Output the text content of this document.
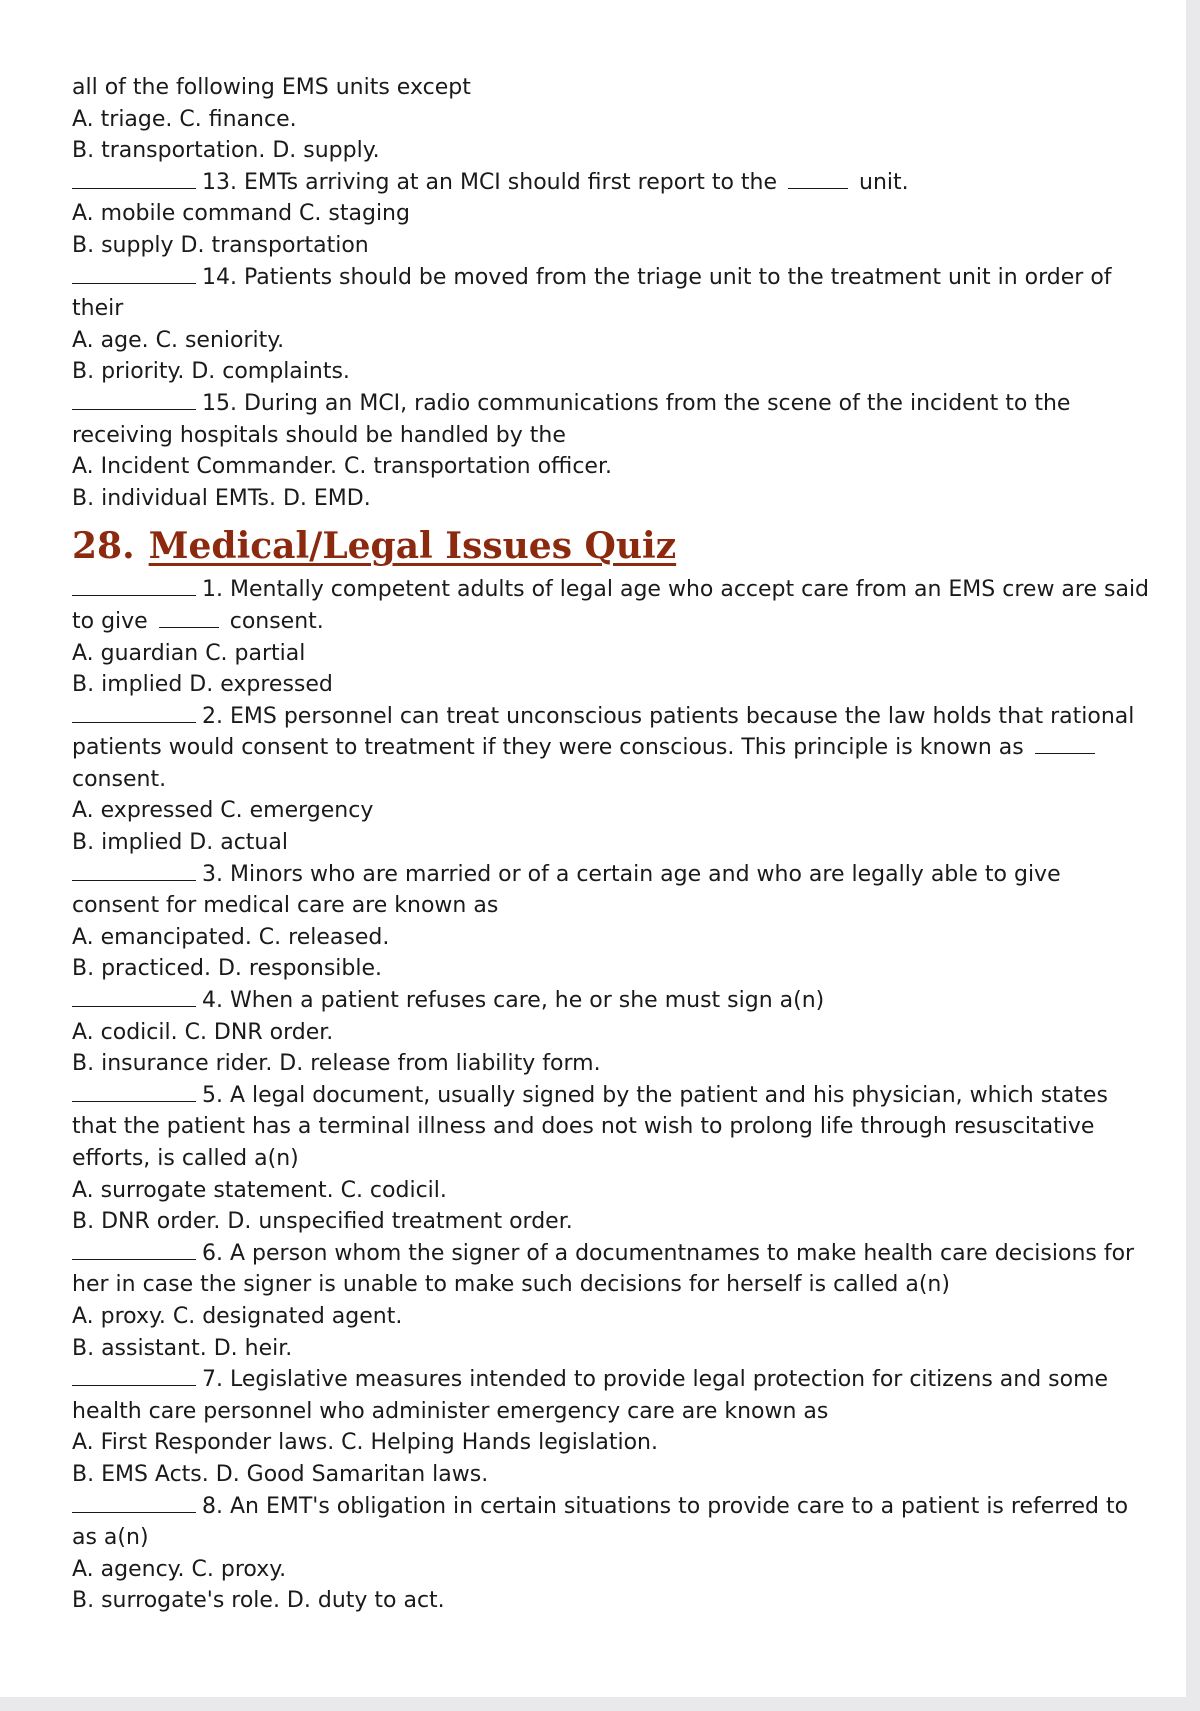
all of the following EMS units except
A. triage. C. finance.
B. transportation. D. supply.
13. EMTs arriving at an MCI should first report to the	unit.
A. mobile command C. staging
B. supply D. transportation
14. Patients should be moved from the triage unit to the treatment unit in order of their
A. age. C. seniority.
B. priority. D. complaints.
15. During an MCI, radio communications from the scene of the incident to the receiving hospitals should be handled by the
A. Incident Commander. C. transportation officer.
B. individual EMTs. D. EMD.
28. Medical/Legal Issues Quiz
1. Mentally competent adults of legal age who accept care from an EMS crew are said to give	consent.
A. guardian C. partial
B. implied D. expressed
2. EMS personnel can treat unconscious patients because the law holds that rational patients would consent to treatment if they were conscious. This principle is known as  consent.
A. expressed C. emergency
B. implied D. actual
3. Minors who are married or of a certain age and who are legally able to give consent for medical care are known as
A. emancipated. C. released.
B. practiced. D. responsible.
4. When a patient refuses care, he or she must sign a(n)
A. codicil. C. DNR order.
B. insurance rider. D. release from liability form.
5. A legal document, usually signed by the patient and his physician, which states that the patient has a terminal illness and does not wish to prolong life through resuscitative efforts, is called a(n)
A. surrogate statement. C. codicil.
B. DNR order. D. unspecified treatment order.
6. A person whom the signer of a documentnames to make health care decisions for her in case the signer is unable to make such decisions for herself is called a(n)
A. proxy. C. designated agent.
B. assistant. D. heir.
7. Legislative measures intended to provide legal protection for citizens and some health care personnel who administer emergency care are known as
A. First Responder laws. C. Helping Hands legislation.
B. EMS Acts. D. Good Samaritan laws.
8. An EMT's obligation in certain situations to provide care to a patient is referred to as a(n)
A. agency. C. proxy.
B. surrogate's role. D. duty to act.
